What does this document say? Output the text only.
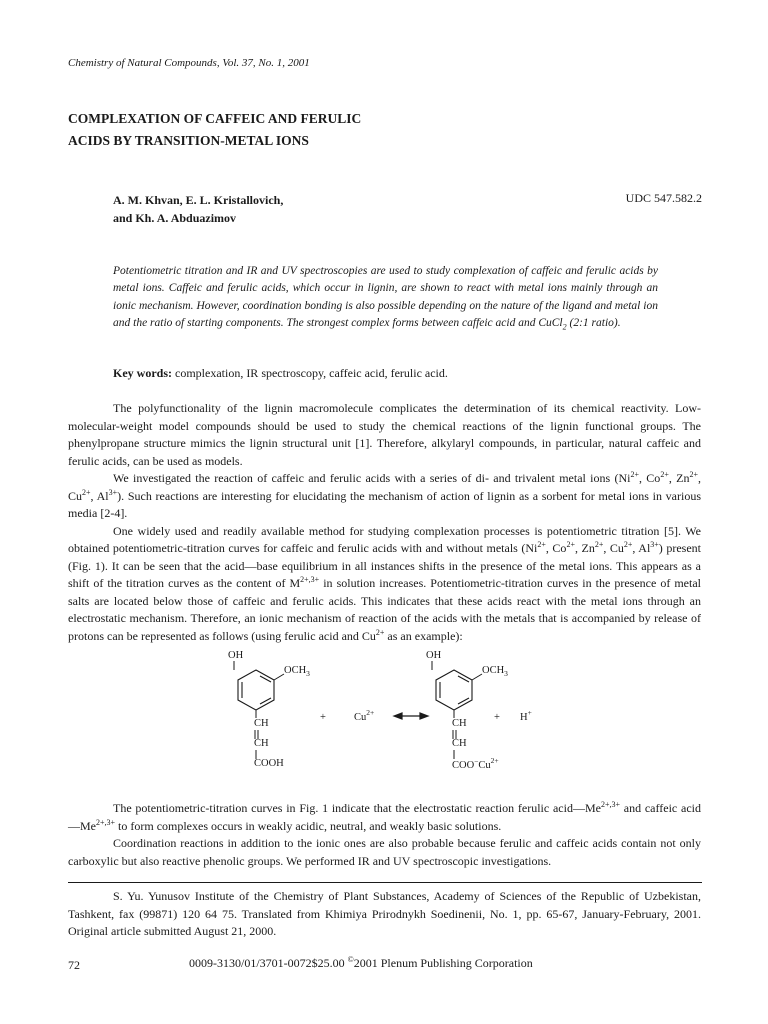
Chemistry of Natural Compounds, Vol. 37, No. 1, 2001
COMPLEXATION OF CAFFEIC AND FERULIC
ACIDS BY TRANSITION-METAL IONS
A. M. Khvan, E. L. Kristallovich,
and Kh. A. Abduazimov
UDC 547.582.2
Potentiometric titration and IR and UV spectroscopies are used to study complexation of caffeic and ferulic acids by metal ions. Caffeic and ferulic acids, which occur in lignin, are shown to react with metal ions mainly through an ionic mechanism. However, coordination bonding is also possible depending on the nature of the ligand and metal ion and the ratio of starting components. The strongest complex forms between caffeic acid and CuCl$_2$ (2:1 ratio).
Key words: complexation, IR spectroscopy, caffeic acid, ferulic acid.

The polyfunctionality of the lignin macromolecule complicates the determination of its chemical reactivity. Low-molecular-weight model compounds should be used to study the chemical reactions of the lignin functional groups. The phenylpropane structure mimics the lignin structural unit [1]. Therefore, alkylaryl compounds, in particular, natural caffeic and ferulic acids, can be used as models.

We investigated the reaction of caffeic and ferulic acids with a series of di- and trivalent metal ions ($Ni^{2+}$, $Co^{2+}$, $Zn^{2+}$, $Cu^{2+}$, $Al^{3+}$). Such reactions are interesting for elucidating the mechanism of action of lignin as a sorbent for metal ions in various media [2-4].

One widely used and readily available method for studying complexation processes is potentiometric titration [5]. We obtained potentiometric-titration curves for caffeic and ferulic acids with and without metals ($Ni^{2+}$, $Co^{2+}$, $Zn^{2+}$, $Cu^{2+}$, $Al^{3+}$) present (Fig. 1). It can be seen that the acid—base equilibrium in all instances shifts in the presence of the metal ions. This appears as a shift of the titration curves as the content of $M^{2+,3+}$ in solution increases. Potentiometric-titration curves in the presence of metal salts are located below those of caffeic and ferulic acids. This indicates that these acids react with the metal ions through an electrostatic mechanism. Therefore, an ionic mechanism of reaction of the acids with the metals that is accompanied by release of protons can be represented as follows (using ferulic acid and $Cu^{2+}$ as an example):

OH
$OCH_3$
CH
CH
COOH
+	$Cu^{2+}$
OH
$OCH_3$
CH
CH
$COO^-Cu^{2+}$
+ H+

The potentiometric-titration curves in Fig. 1 indicate that the electrostatic reaction ferulic $acid—Me^{2+,3+}$ and caffeic $acid—Me^{2+,3+}$ to form complexes occurs in weakly acidic, neutral, and weakly basic solutions.

Coordination reactions in addition to the ionic ones are also probable because ferulic and caffeic acids contain not only carboxylic but also reactive phenolic groups. We performed IR and UV spectroscopic investigations.

S. Yu. Yunusov Institute of the Chemistry of Plant Substances, Academy of Sciences of the Republic of Uzbekistan, Tashkent, fax (99871) 120 64 75. Translated from Khimiya Prirodnykh Soedinenii, No. 1, pp. 65-67, January-February, 2001. Original article submitted August 21, 2000.

72	0009-3130/01/3701-0072$25.00 ©2001 Plenum Publishing Corporation
